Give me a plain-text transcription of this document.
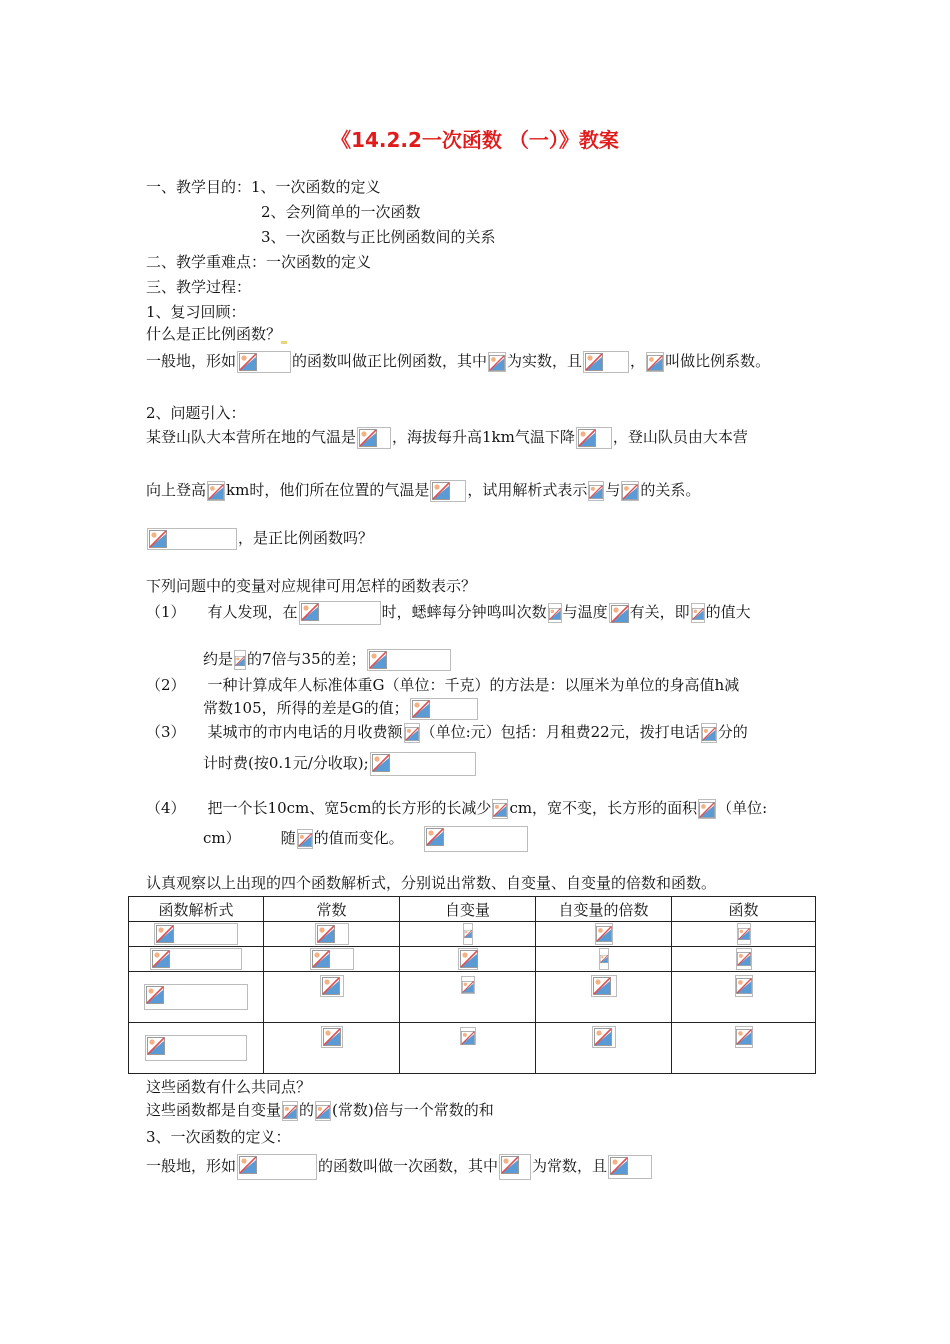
《14.2.2一次函数 （一）》教案
一、教学目的：1、一次函数的定义
2、会列简单的一次函数
3、一次函数与正比例函数间的关系
二、教学重难点：一次函数的定义
三、教学过程：
1、复习回顾：
什么是正比例函数？
一般地，形如	的函数叫做正比例函数，其中 为实数，且	， 叫做比例系数。
2、问题引入：
某登山队大本营所在地的气温是 ，海拔每升高1km气温下降	，登山队员由大本营
向上登高 km时，他们所在位置的气温是	，试用解析式表示 与 的关系。
，是正比例函数吗？
下列问题中的变量对应规律可用怎样的函数表示？
（1） 有人发现，在	时，蟋蟀每分钟鸣叫次数 与温度 有关，即 的值大
约是 的7倍与35的差；
（2） 一种计算成年人标准体重G（单位：千克）的方法是：以厘米为单位的身高值h减
常数105，所得的差是G的值；
（3） 某城市的市内电话的月收费额 （单位:元）包括：月租费22元，拨打电话 分的
计时费(按0.1元/分收取);
（4） 把一个长10cm、宽5cm的长方形的长减少 cm，宽不变，长方形的面积 （单位:
cm）	随 的值而变化。
认真观察以上出现的四个函数解析式，分别说出常数、自变量、自变量的倍数和函数。
函数解析式	常数	自变量	自变量的倍数	函数

这些函数有什么共同点？
这些函数都是自变量 的 (常数)倍与一个常数的和
3、一次函数的定义：
一般地，形如	的函数叫做一次函数，其中 为常数，且
